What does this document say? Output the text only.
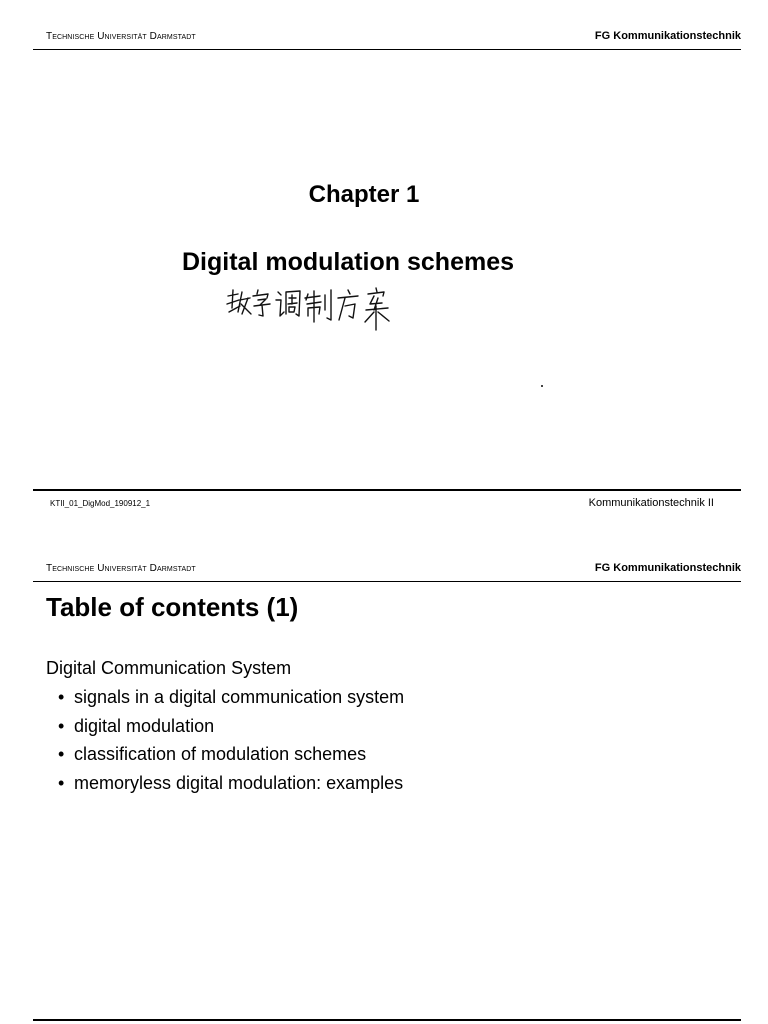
Technische Universität Darmstadt	FG Kommunikationstechnik
Chapter 1
Digital modulation schemes
KTII_01_DigMod_190912_1	Kommunikationstechnik II
Technische Universität Darmstadt	FG Kommunikationstechnik
Table of contents (1)
Digital Communication System
• signals in a digital communication system
• digital modulation
• classification of modulation schemes
• memoryless digital modulation: examples
